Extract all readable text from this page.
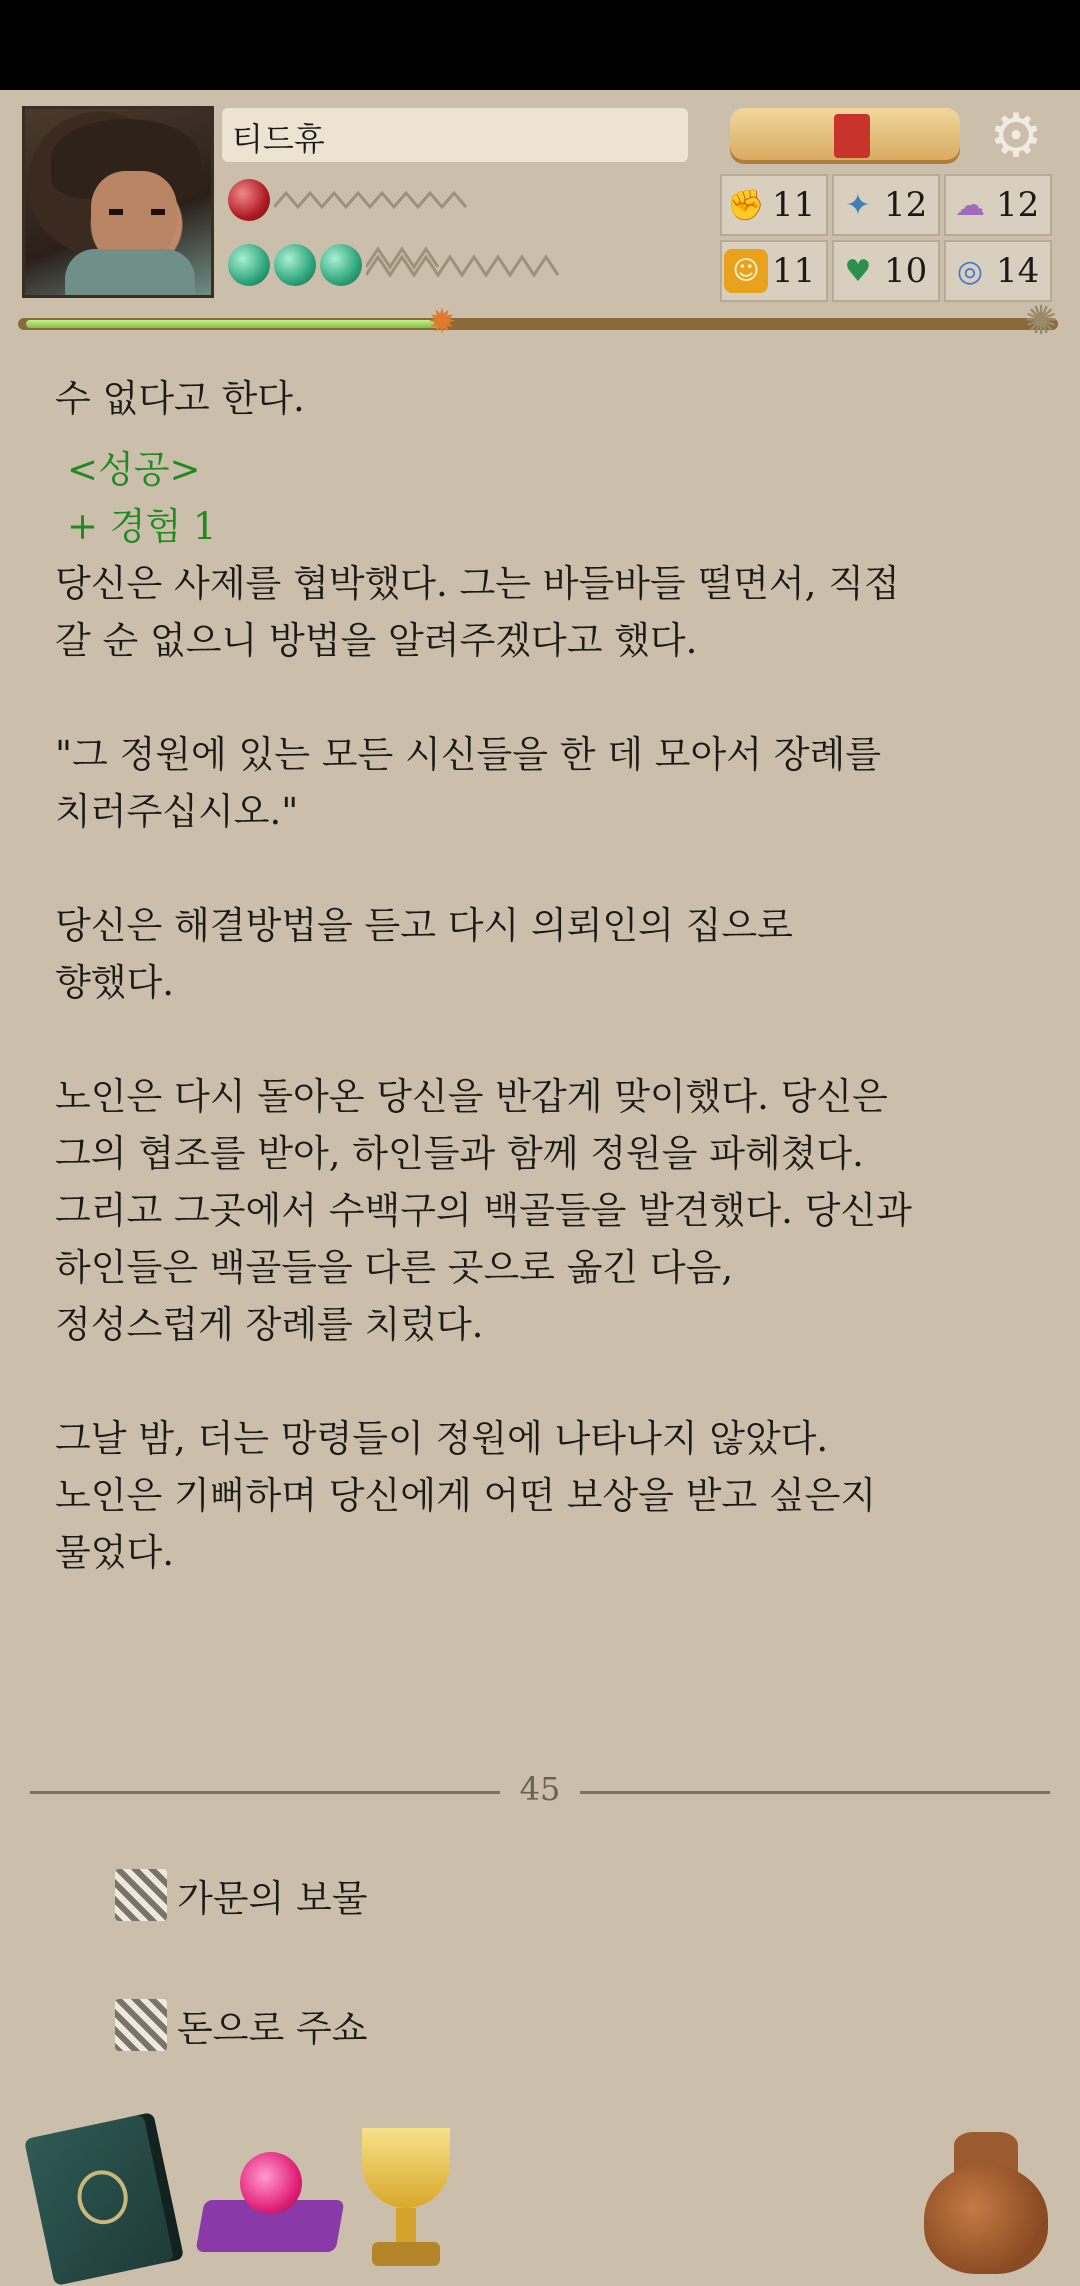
티드휴	⚙
✊ 11	✦ 12 ☁ 12
☺ 11 ♥ 10 ◎ 14
✹	✺

수 없다고 한다.

<성공>

+ 경험 1

당신은 사제를 협박했다. 그는 바들바들 떨면서, 직접
갈 순 없으니 방법을 알려주겠다고 했다.

"그 정원에 있는 모든 시신들을 한 데 모아서 장례를
치러주십시오."

당신은 해결방법을 듣고 다시 의뢰인의 집으로
향했다.

노인은 다시 돌아온 당신을 반갑게 맞이했다. 당신은
그의 협조를 받아, 하인들과 함께 정원을 파헤쳤다.
그리고 그곳에서 수백구의 백골들을 발견했다. 당신과
하인들은 백골들을 다른 곳으로 옮긴 다음,
정성스럽게 장례를 치렀다.

그날 밤, 더는 망령들이 정원에 나타나지 않았다.
노인은 기뻐하며 당신에게 어떤 보상을 받고 싶은지
물었다.

45
가문의 보물
돈으로 주쇼
